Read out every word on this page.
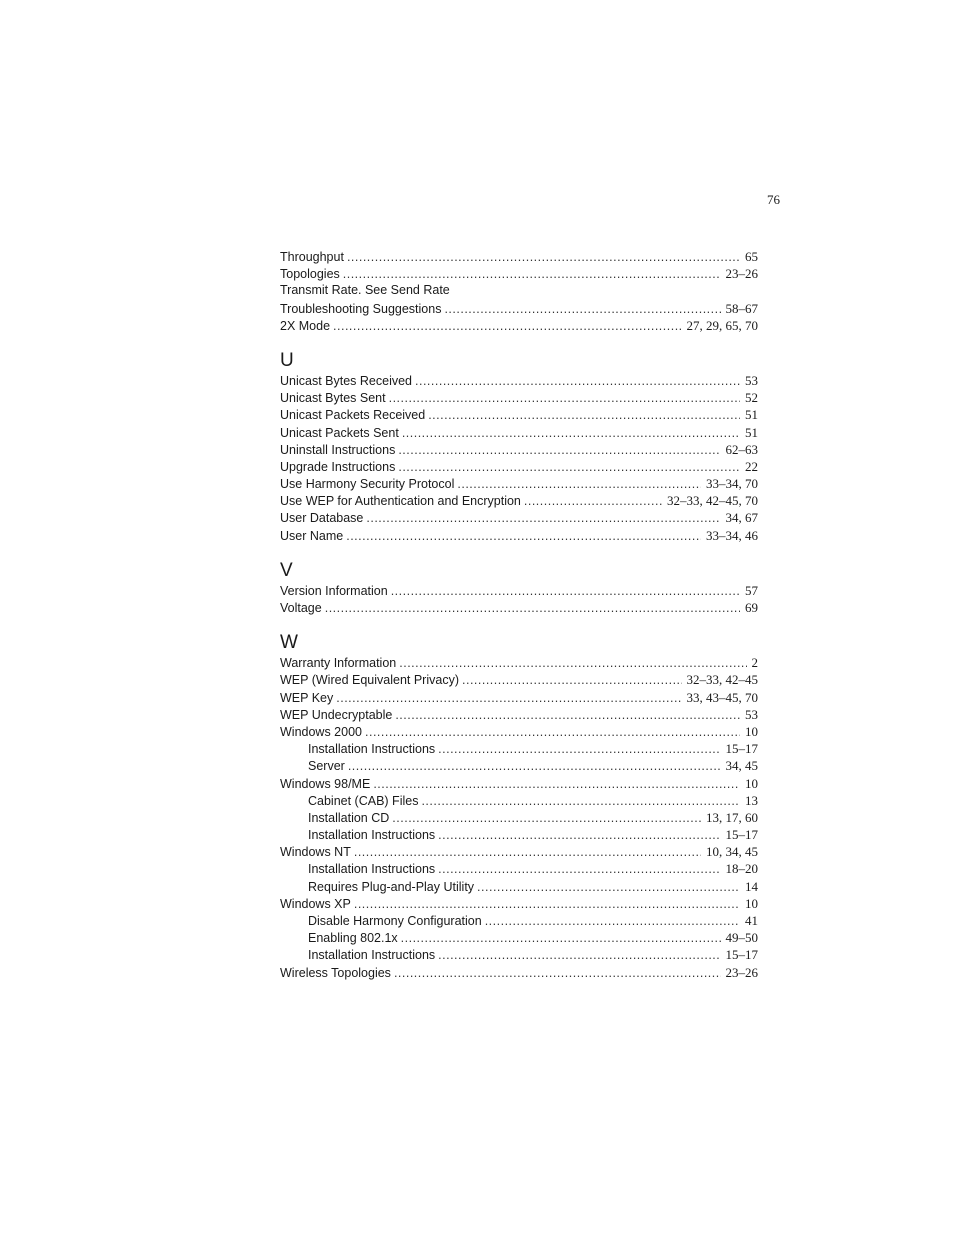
76
Throughput .....	65
Topologies .....	23–26
Transmit Rate. See Send Rate
Troubleshooting Suggestions .....	58–67
2X Mode .....	27, 29, 65, 70
U
Unicast Bytes Received .....	53
Unicast Bytes Sent .....	52
Unicast Packets Received .....	51
Unicast Packets Sent .....	51
Uninstall Instructions .....	62–63
Upgrade Instructions .....	22
Use Harmony Security Protocol .....	33–34, 70
Use WEP for Authentication and Encryption .....	32–33, 42–45, 70
User Database .....	34, 67
User Name .....	33–34, 46
V
Version Information .....	57
Voltage .....	69
W
Warranty Information .....	2
WEP (Wired Equivalent Privacy) .....	32–33, 42–45
WEP Key .....	33, 43–45, 70
WEP Undecryptable .....	53
Windows 2000 .....	10
Installation Instructions .....	15–17
Server .....	34, 45
Windows 98/ME .....	10
Cabinet (CAB) Files .....	13
Installation CD .....	13, 17, 60
Installation Instructions .....	15–17
Windows NT .....	10, 34, 45
Installation Instructions .....	18–20
Requires Plug-and-Play Utility .....	14
Windows XP .....	10
Disable Harmony Configuration .....	41
Enabling 802.1x .....	49–50
Installation Instructions .....	15–17
Wireless Topologies .....	23–26
